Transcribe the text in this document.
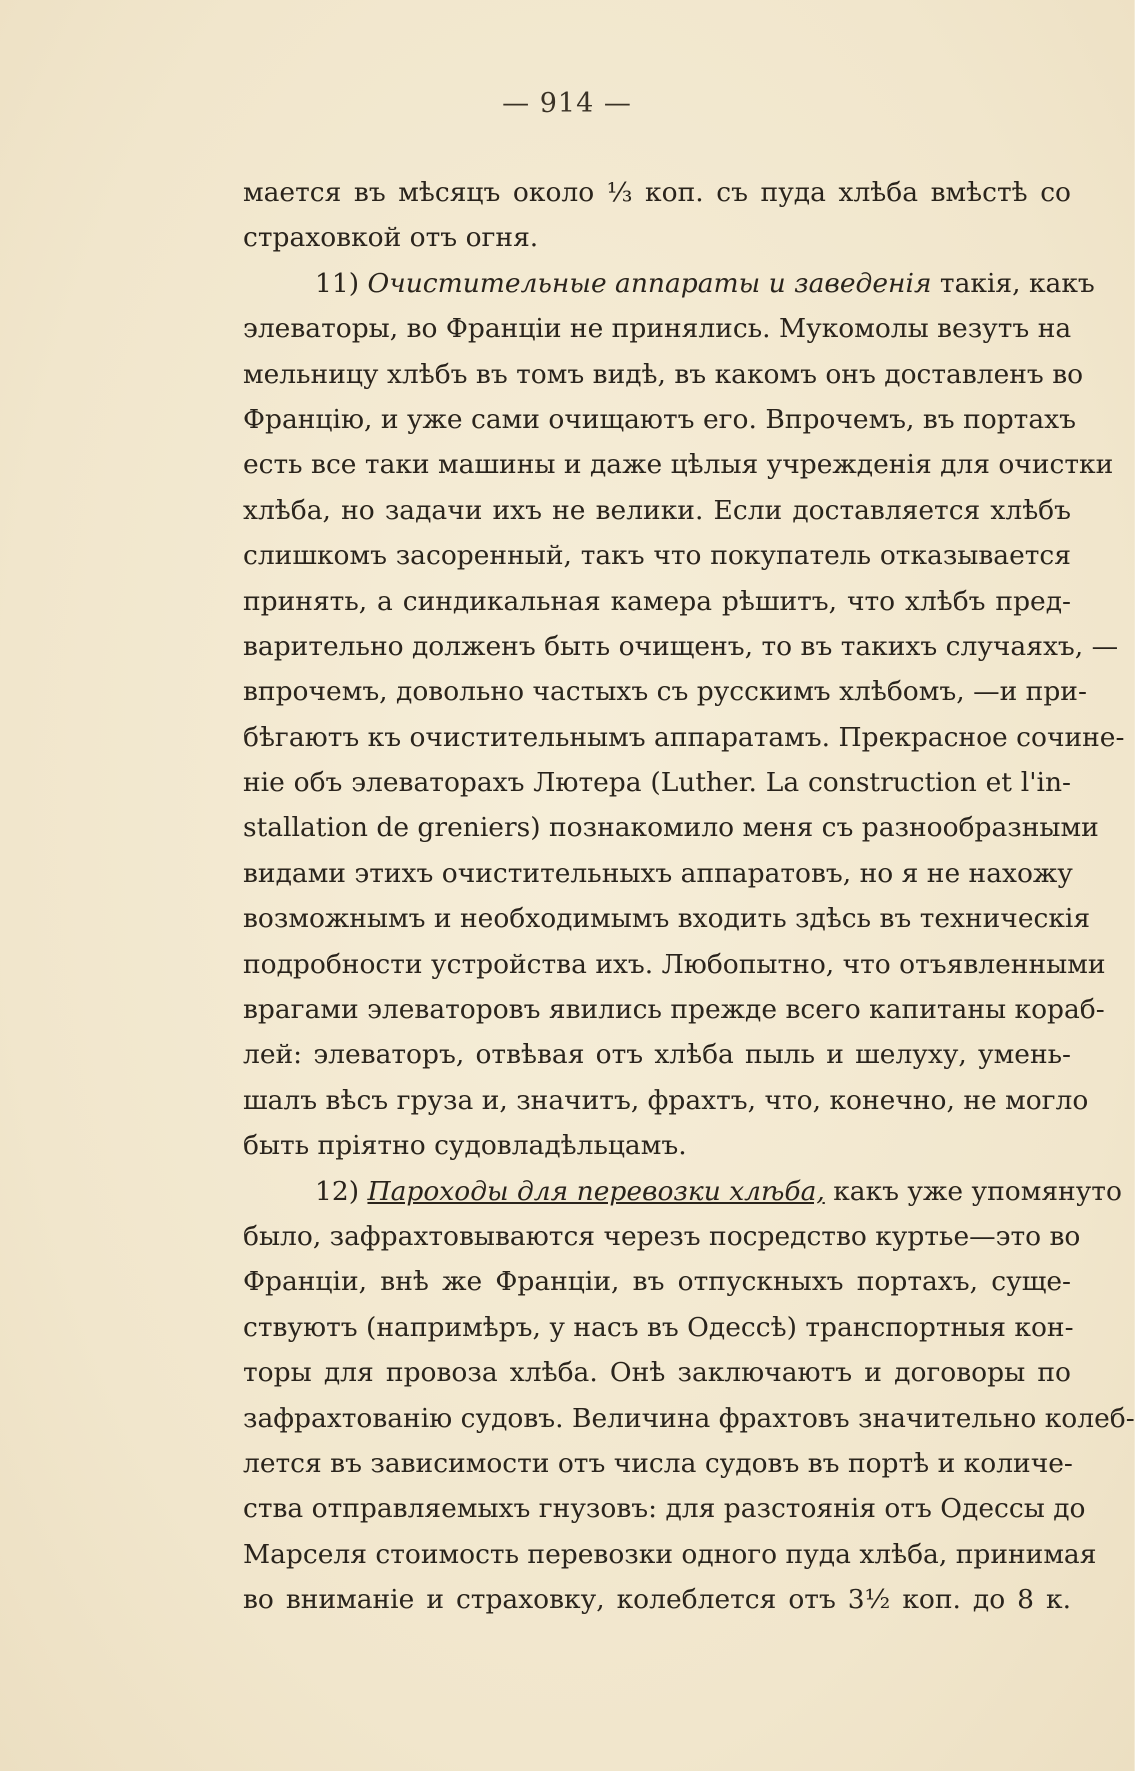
— 914 —
мается въ мѣсяцъ около ⅓ коп. съ пуда хлѣба вмѣстѣ со
страховкой отъ огня.
11) Очистительные аппараты и заведенія такія, какъ
элеваторы, во Франціи не принялись. Мукомолы везутъ на
мельницу хлѣбъ въ томъ видѣ, въ какомъ онъ доставленъ во
Францію, и уже сами очищаютъ его. Впрочемъ, въ портахъ
есть все таки машины и даже цѣлыя учрежденія для очистки
хлѣба, но задачи ихъ не велики. Если доставляется хлѣбъ
слишкомъ засоренный, такъ что покупатель отказывается
принять, а синдикальная камера рѣшитъ, что хлѣбъ пред-
варительно долженъ быть очищенъ, то въ такихъ случаяхъ, —
впрочемъ, довольно частыхъ съ русскимъ хлѣбомъ, —и при-
бѣгаютъ къ очистительнымъ аппаратамъ. Прекрасное сочине-
ніе объ элеваторахъ Лютера (Luther. La construction et l'in-
stallation de greniers) познакомило меня съ разнообразными
видами этихъ очистительныхъ аппаратовъ, но я не нахожу
возможнымъ и необходимымъ входить здѣсь въ техническія
подробности устройства ихъ. Любопытно, что отъявленными
врагами элеваторовъ явились прежде всего капитаны кораб-
лей: элеваторъ, отвѣвая отъ хлѣба пыль и шелуху, умень-
шалъ вѣсъ груза и, значитъ, фрахтъ, что, конечно, не могло
быть пріятно судовладѣльцамъ.
12) Пароходы для перевозки хлѣба, какъ уже упомянуто
было, зафрахтовываются черезъ посредство куртье—это во
Франціи, внѣ же Франціи, въ отпускныхъ портахъ, суще-
ствуютъ (напримѣръ, у насъ въ Одессѣ) транспортныя кон-
торы для провоза хлѣба. Онѣ заключаютъ и договоры по
зафрахтованію судовъ. Величина фрахтовъ значительно колеб-
лется въ зависимости отъ числа судовъ въ портѣ и количе-
ства отправляемыхъ гнузовъ: для разстоянія отъ Одессы до
Марселя стоимость перевозки одного пуда хлѣба, принимая
во вниманіе и страховку, колеблется отъ 3½ коп. до 8 к.
